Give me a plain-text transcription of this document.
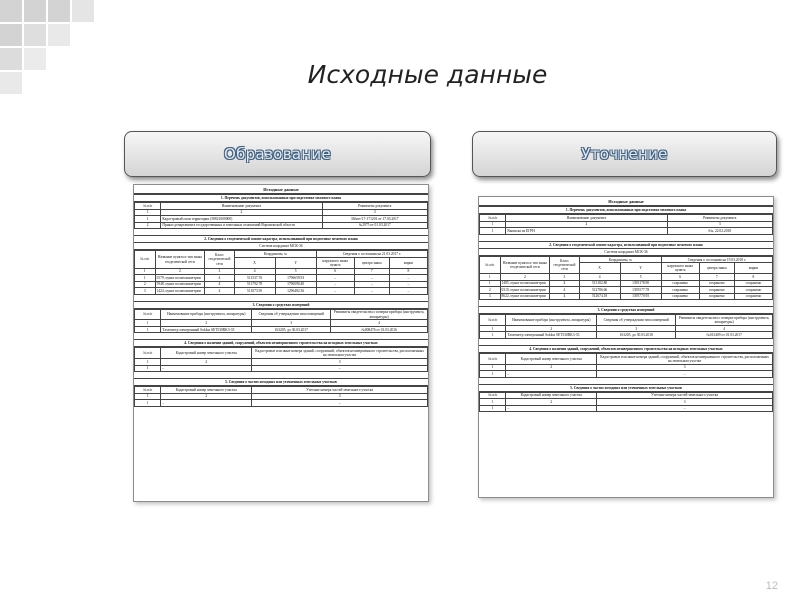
Исходные данные
Образование	Уточнение
Исходные данные
1. Перечень документов, использованных при подготовке межевого плана
№ п/п	Наименование документа	Реквизиты документа
1	2	3
1	Кадастровый план территории (58821000000)	38/кпт/17-171201 от 17.03.2017
2	Приказ департамента государственных и земельных отношений Воронежской области	№2975 от 01.03.2017
2. Сведения о геодезической основе кадастра, использованной при подготовке межевого плана
Система координат МСК-36
№ п/п	Название пункта и тип знака геодезической сети	Класс геодезической сети	Координаты, м		Сведения о состоянии на 21.03.2017 г.		
			X	Y	наружного знака пункта	центра знака	марки
1	2	3	4	5	6	7	8
1	5579, пункт полигонометрии	4	511537.76	1796659.93	–	–	–
2	5948, пункт полигонометрии	4	511792.78	1796590.40	–	–	–
3	1424, пункт полигонометрии	4	511073.95	1296482.36	–	–	–
3. Сведения о средствах измерений
№ п/п	Наименование прибора (инструмента, аппаратуры)	Сведения об утверждении типа измерений	Реквизиты свидетельства о поверке прибора (инструмента, аппаратуры)
1	2	3	4
1	Тахеометр электронный Sokkia SET530RK3-35	163205, до 30.03.2017	№008476 от 01.03.2016
4. Сведения о наличии зданий, сооружений, объектов незавершенного строительства на исходных земельных участках
№ п/п	Кадастровый номер земельного участка	Кадастровые или иные номера зданий, сооружений, объектов незавершенного строительства, расположенных на земельном участке
1	2	3
1	–	–
5. Сведения о частях исходных или уточненных земельных участков
№ п/п	Кадастровый номер земельного участка	Учетные номера частей земельного участка
1	2	3
1	–	–
Исходные данные
1. Перечень документов, использованных при подготовке межевого плана
№ п/п	Наименование документа	Реквизиты документа
1	2	3
1	Выписка из ЕГРН	б/н, 22.02.2018
2. Сведения о геодезической основе кадастра, использованной при подготовке межевого плана
Система координат МСК-36
№ п/п	Название пункта и тип знака геодезической сети	Класс геодезической сети	Координаты, м		Сведения о состоянии на 19.03.2018 г.		
			X	Y	наружного знака пункта	центра знака	марки
1	2	3	4	5	6	7	8
1	1485, пункт полигонометрии	4	513182.80	1395178.90	сохранено	сохранено	сохранено
2	0310, пункт полигонометрии	4	512786.66	1395577.78	сохранено	сохранено	сохранено
3	8622, пункт полигонометрии	4	512674.18	1395770.95	сохранено	сохранено	сохранено
3. Сведения о средствах измерений
№ п/п	Наименование прибора (инструмента, аппаратуры)	Сведения об утверждении типа измерений	Реквизиты свидетельства о поверке прибора (инструмента, аппаратуры)
1	2	3	4
1	Тахеометр электронный Sokkia SET530RK3-33	163205, до 30.03.2018	№013409 от 01.03.2017
4. Сведения о наличии зданий, сооружений, объектов незавершенного строительства на исходных земельных участках
№ п/п	Кадастровый номер земельного участка	Кадастровые или иные номера зданий, сооружений, объектов незавершенного строительства, расположенных на земельном участке
1	2	3
1	–	–
5. Сведения о частях исходных или уточненных земельных участков
№ п/п	Кадастровый номер земельного участка	Учетные номера частей земельного участка
1	2	3
1	–	–
12
